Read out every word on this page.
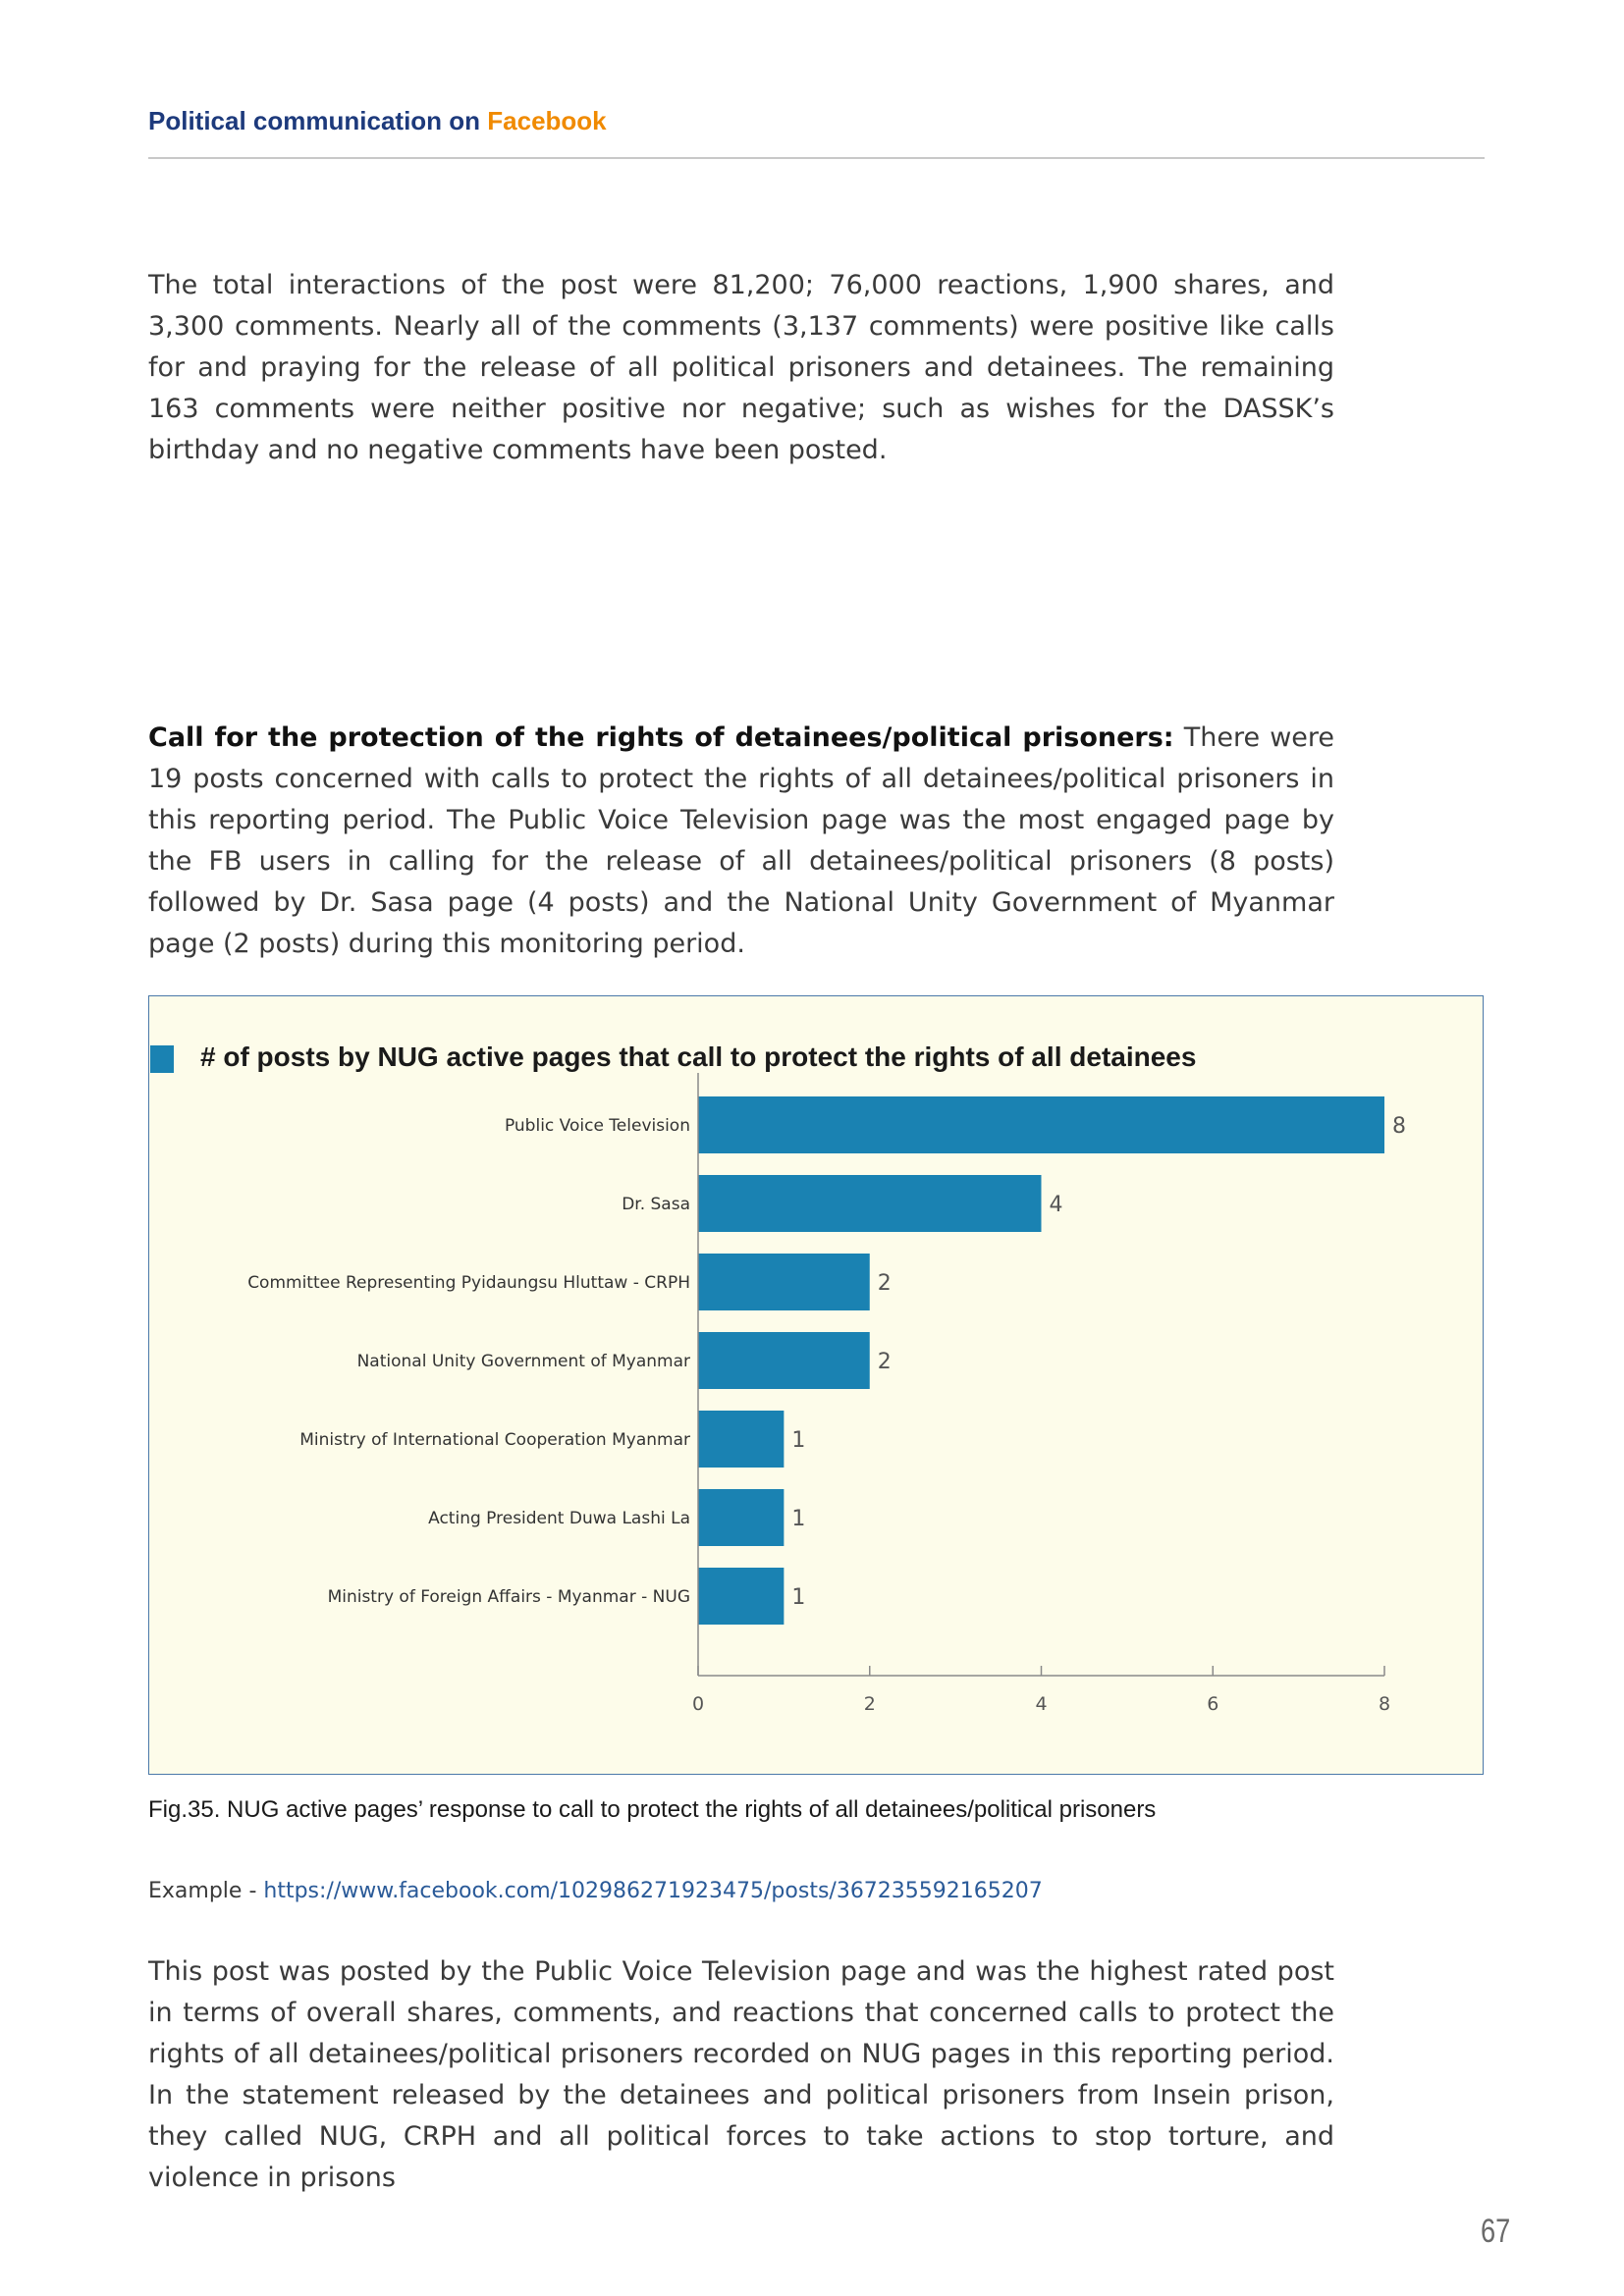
Political communication on Facebook

The total interactions of the post were 81,200; 76,000 reactions, 1,900 shares, and 3,300 comments. Nearly all of the comments (3,137 comments) were positive like calls for and praying for the release of all political prisoners and detainees. The remaining 163 comments were neither positive nor negative; such as wishes for the DASSK’s birthday and no negative comments have been posted.

Call for the protection of the rights of detainees/political prisoners: There were 19 posts concerned with calls to protect the rights of all detainees/political prisoners in this reporting period. The Public Voice Television page was the most engaged page by the FB users in calling for the release of all detainees/political prisoners (8 posts) followed by Dr. Sasa page (4 posts) and the National Unity Government of Myanmar page (2 posts) during this monitoring period.

# of posts by NUG active pages that call to protect the rights of all detainees
Public Voice Television	8
Dr. Sasa	4
Committee Representing Pyidaungsu Hluttaw - CRPH	2
National Unity Government of Myanmar	2
Ministry of International Cooperation Myanmar	1
Acting President Duwa Lashi La	1
Ministry of Foreign Affairs - Myanmar - NUG	1
0	2	4	6	8
Fig.35. NUG active pages’ response to call to protect the rights of all detainees/political prisoners
Example - https://www.facebook.com/102986271923475/posts/367235592165207

This post was posted by the Public Voice Television page and was the highest rated post in terms of overall shares, comments, and reactions that concerned calls to protect the rights of all detainees/political prisoners recorded on NUG pages in this reporting period. In the statement released by the detainees and political prisoners from Insein prison, they called NUG, CRPH and all political forces to take actions to stop torture, and violence in prisons

67
